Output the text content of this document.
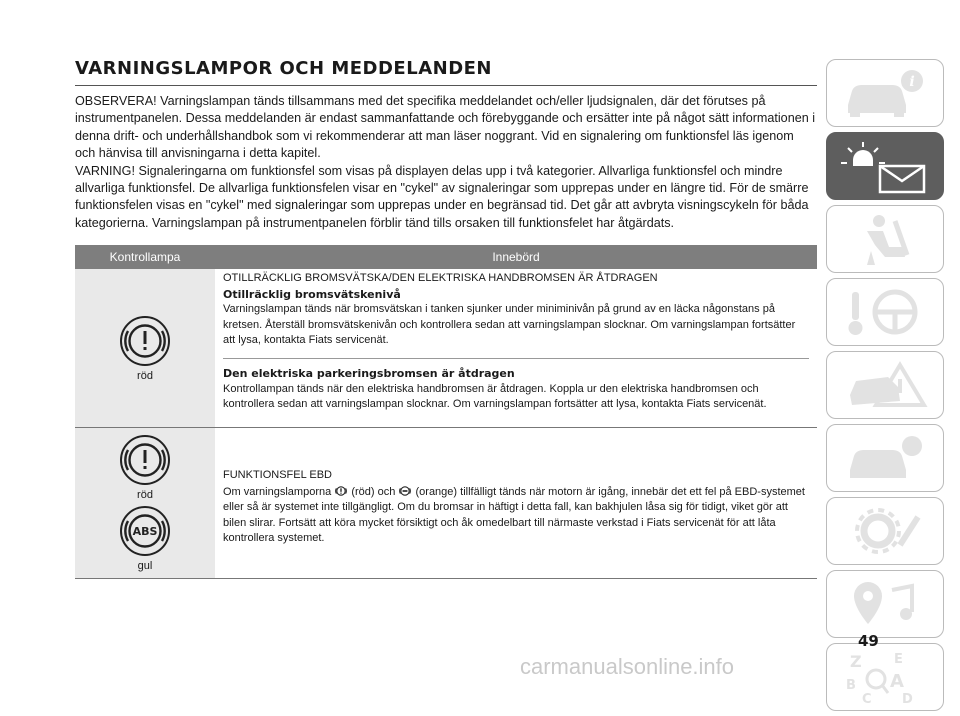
VARNINGSLAMPOR OCH MEDDELANDEN

OBSERVERA! Varningslampan tänds tillsammans med det specifika meddelandet och/eller ljudsignalen, där det förutses på instrumentpanelen. Dessa meddelanden är endast sammanfattande och förebyggande och ersätter inte på något sätt informationen i denna drift- och underhållshandbok som vi rekommenderar att man läser noggrant. Vid en signalering om funktionsfel läs igenom och hänvisa till anvisningarna i detta kapitel.

VARNING! Signaleringarna om funktionsfel som visas på displayen delas upp i två kategorier. Allvarliga funktionsfel och mindre allvarliga funktionsfel. De allvarliga funktionsfelen visar en "cykel" av signaleringar som upprepas under en längre tid. För de smärre funktionsfelen visas en "cykel" med signaleringar som upprepas under en begränsad tid. Det går att avbryta visningscykeln för båda kategorierna. Varningslampan på instrumentpanelen förblir tänd tills orsaken till funktionsfelet har åtgärdats.

Kontrollampa	Innebörd
röd
OTILLRÄCKLIG BROMSVÄTSKA/DEN ELEKTRISKA HANDBROMSEN ÄR ÅTDRAGEN
Otillräcklig bromsvätskenivå
Varningslampan tänds när bromsvätskan i tanken sjunker under miniminivån på grund av en läcka någonstans på kretsen. Återställ bromsvätskenivån och kontrollera sedan att varningslampan slocknar. Om varningslampan fortsätter att lysa, kontakta Fiats servicenät.
Den elektriska parkeringsbromsen är åtdragen
Kontrollampan tänds när den elektriska handbromsen är åtdragen. Koppla ur den elektriska handbromsen och kontrollera sedan att varningslampan slocknar. Om varningslampan fortsätter att lysa, kontakta Fiats servicenät.
röd
ABS
gul
FUNKTIONSFEL EBD
Om varningslamporna (röd) och (orange) tillfälligt tänds när motorn är igång, innebär det ett fel på EBD-systemet eller så är systemet inte tillgängligt. Om du bromsar in häftigt i detta fall, kan bakhjulen låsa sig för tidigt, viket gör att bilen slirar. Fortsätt att köra mycket försiktigt och åk omedelbart till närmaste verkstad i Fiats servicenät för att låta kontrollera systemet.
i
Z E
B A
C D
49
carmanualsonline.info
